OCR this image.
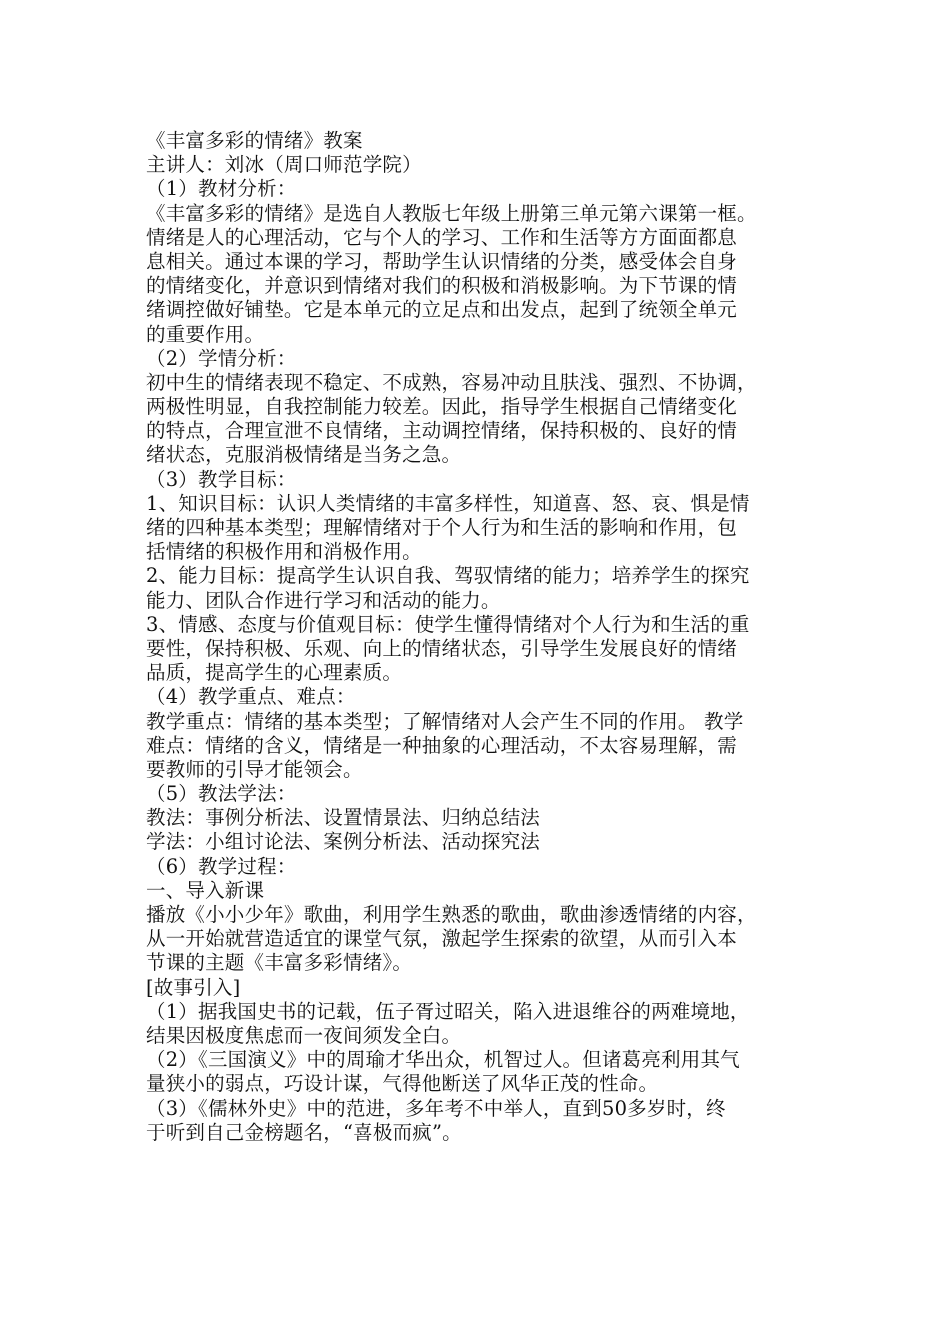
《丰富多彩的情绪》教案
主讲人：刘冰（周口师范学院）
（1）教材分析：
《丰富多彩的情绪》是选自人教版七年级上册第三单元第六课第一框。
情绪是人的心理活动，它与个人的学习、工作和生活等方方面面都息
息相关。通过本课的学习，帮助学生认识情绪的分类，感受体会自身
的情绪变化，并意识到情绪对我们的积极和消极影响。为下节课的情
绪调控做好铺垫。它是本单元的立足点和出发点，起到了统领全单元
的重要作用。
（2）学情分析：
初中生的情绪表现不稳定、不成熟，容易冲动且肤浅、强烈、不协调，
两极性明显，自我控制能力较差。因此，指导学生根据自己情绪变化
的特点，合理宣泄不良情绪，主动调控情绪，保持积极的、良好的情
绪状态，克服消极情绪是当务之急。
（3）教学目标：
1、知识目标：认识人类情绪的丰富多样性，知道喜、怒、哀、惧是情
绪的四种基本类型；理解情绪对于个人行为和生活的影响和作用，包
括情绪的积极作用和消极作用。
2、能力目标：提高学生认识自我、驾驭情绪的能力；培养学生的探究
能力、团队合作进行学习和活动的能力。
3、情感、态度与价值观目标：使学生懂得情绪对个人行为和生活的重
要性，保持积极、乐观、向上的情绪状态，引导学生发展良好的情绪
品质，提高学生的心理素质。
（4）教学重点、难点：
教学重点：情绪的基本类型；了解情绪对人会产生不同的作用。 教学
难点：情绪的含义，情绪是一种抽象的心理活动，不太容易理解，需
要教师的引导才能领会。
（5）教法学法：
教法：事例分析法、设置情景法、归纳总结法
学法：小组讨论法、案例分析法、活动探究法
（6）教学过程：
一、导入新课
播放《小小少年》歌曲，利用学生熟悉的歌曲，歌曲渗透情绪的内容，
从一开始就营造适宜的课堂气氛，激起学生探索的欲望，从而引入本
节课的主题《丰富多彩情绪》。
[故事引入]
（1）据我国史书的记载，伍子胥过昭关，陷入进退维谷的两难境地，
结果因极度焦虑而一夜间须发全白。
（2）《三国演义》中的周瑜才华出众，机智过人。但诸葛亮利用其气
量狭小的弱点，巧设计谋，气得他断送了风华正茂的性命。
（3）《儒林外史》中的范进，多年考不中举人，直到50多岁时，终
于听到自己金榜题名，“喜极而疯”。
